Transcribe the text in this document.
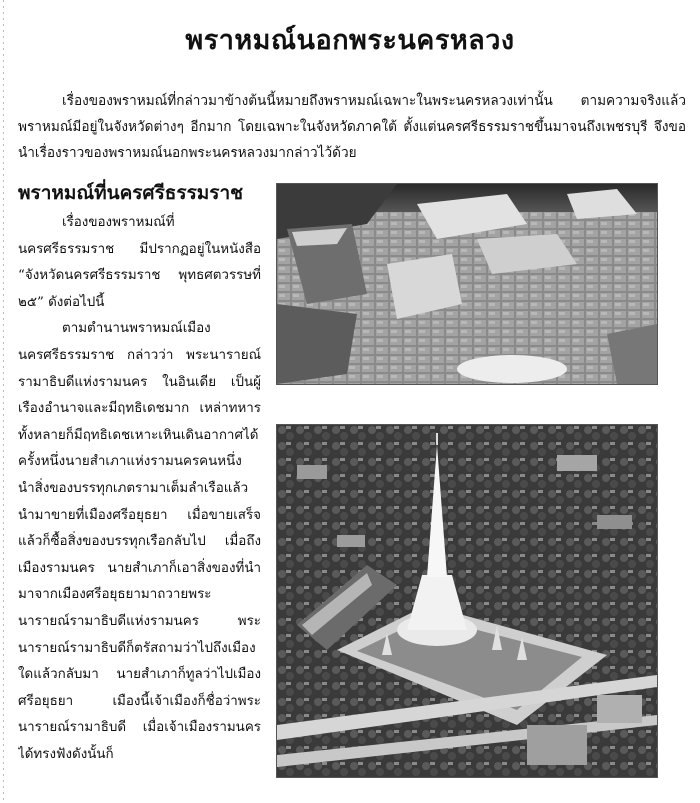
พราหมณ์นอกพระนครหลวง
เรื่องของพราหมณ์ที่กล่าวมาข้างต้นนี้หมายถึงพราหมณ์เฉพาะในพระนครหลวงเท่านั้น ตามความจริงแล้ว พราหมณ์มีอยู่ในจังหวัดต่างๆ อีกมาก โดยเฉพาะในจังหวัดภาคใต้ ตั้งแต่นครศรีธรรมราชขึ้นมาจนถึงเพชรบุรี จึงขอนำเรื่องราวของพราหมณ์นอกพระนครหลวงมากล่าวไว้ด้วย
พราหมณ์ที่นครศรีธรรมราช

เรื่องของพราหมณ์ที่นครศรีธรรมราช มีปรากฏอยู่ในหนังสือ “จังหวัดนครศรีธรรมราช พุทธศตวรรษที่ ๒๕” ดังต่อไปนี้

ตามตำนานพราหมณ์เมืองนครศรีธรรมราช กล่าวว่า พระนารายณ์รามาธิบดีแห่งรามนคร ในอินเดีย เป็นผู้เรืองอำนาจและมีฤทธิเดชมาก เหล่าทหารทั้งหลายก็มีฤทธิเดชเหาะเหินเดินอากาศได้ ครั้งหนึ่งนายสำเภาแห่งรามนครคนหนึ่ง นำสิ่งของบรรทุกเภตรามาเต็มลำเรือแล้วนำมาขายที่เมืองศรีอยุธยา เมื่อขายเสร็จแล้วก็ซื้อสิ่งของบรรทุกเรือกลับไป เมื่อถึงเมืองรามนคร นายสำเภาก็เอาสิ่งของที่นำมาจากเมืองศรีอยุธยามาถวายพระนารายณ์รามาธิบดีแห่งรามนคร พระนารายณ์รามาธิบดีก็ตรัสถามว่าไปถึงเมืองใดแล้วกลับมา นายสำเภาก็ทูลว่าไปเมืองศรีอยุธยา เมืองนี้เจ้าเมืองก็ชื่อว่าพระนารายณ์รามาธิบดี เมื่อเจ้าเมืองรามนครได้ทรงฟังดังนั้นก็
